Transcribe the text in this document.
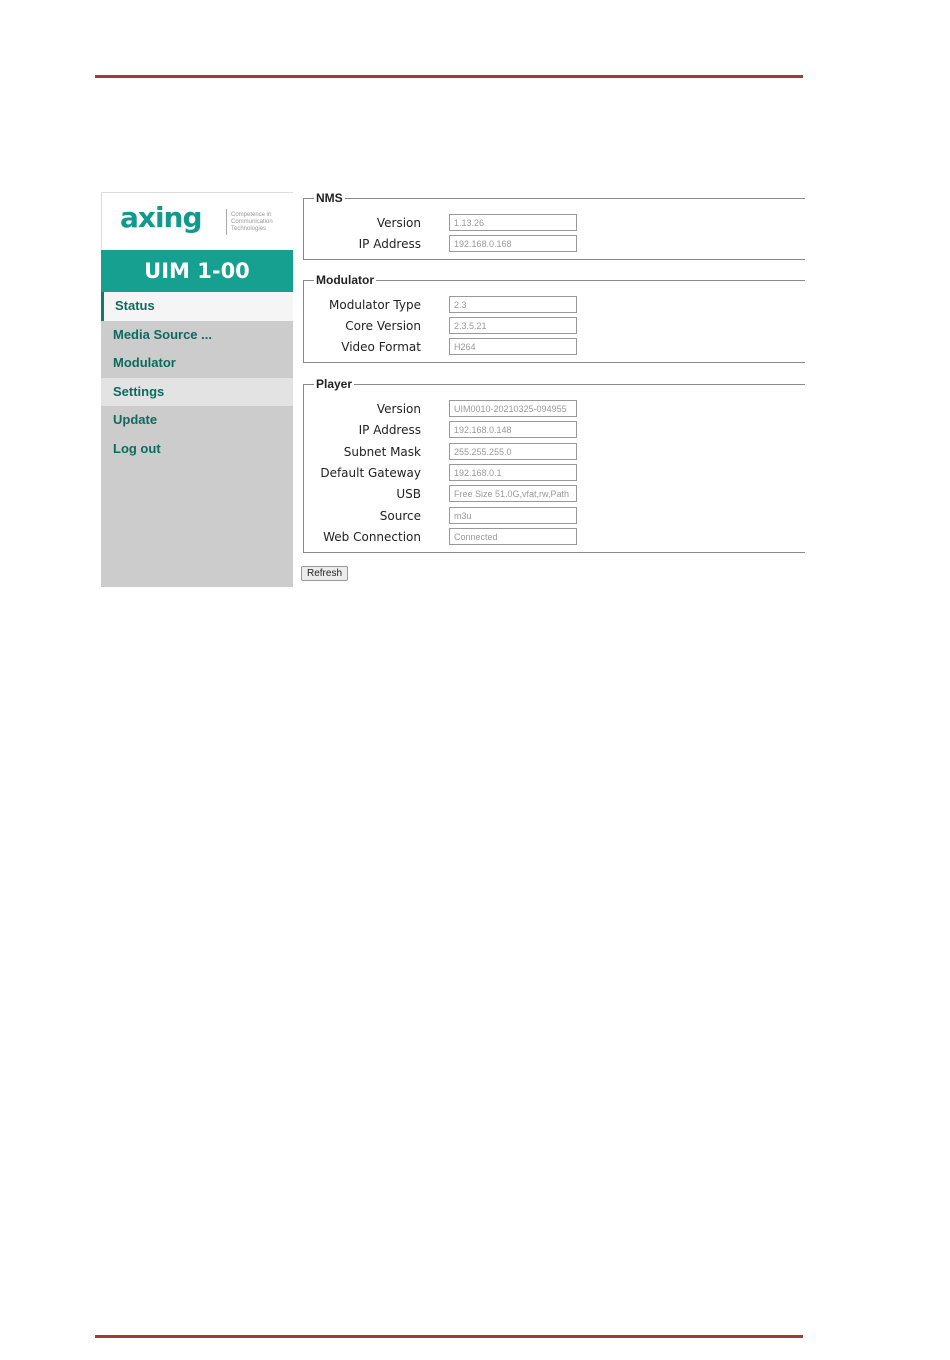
axing	Competence in
Communication
Technologies
UIM 1-00
Status
Media Source ...
Modulator
Settings
Update
Log out
NMS
Version
1.13.26
IP Address
192.168.0.168
Modulator
Modulator Type
2.3
Core Version
2.3.5.21
Video Format
H264
Player
Version
UIM0010-20210325-094955
IP Address
192.168.0.148
Subnet Mask
255.255.255.0
Default Gateway
192.168.0.1
USB
Free Size 51.0G,vfat,rw,Path
Source
m3u
Web Connection
Connected
Refresh
